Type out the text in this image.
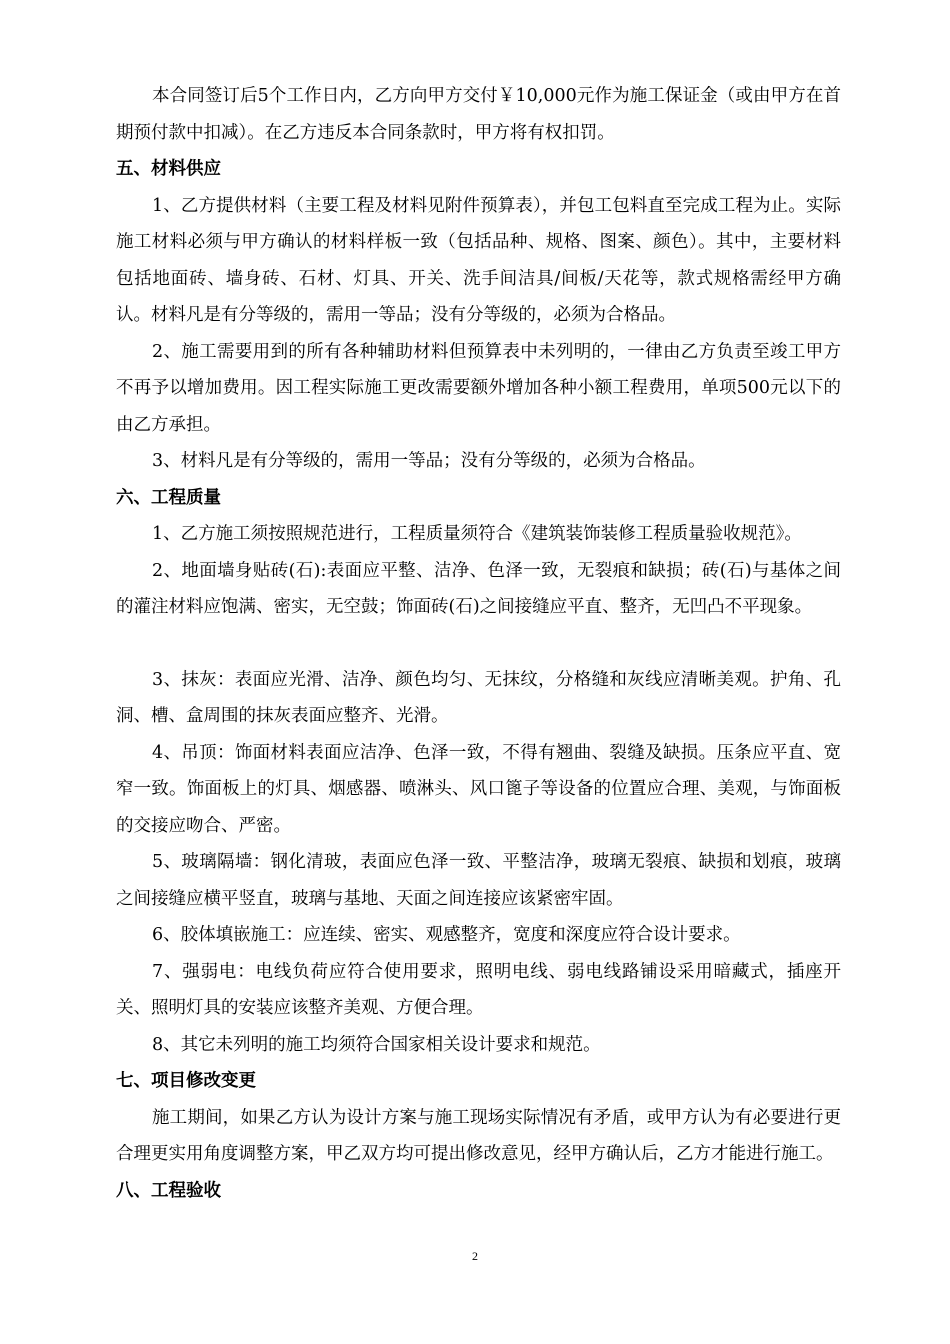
本合同签订后5个工作日内，乙方向甲方交付￥10,000元作为施工保证金（或由甲方在首期预付款中扣减）。在乙方违反本合同条款时，甲方将有权扣罚。

五、材料供应

1、乙方提供材料（主要工程及材料见附件预算表），并包工包料直至完成工程为止。实际施工材料必须与甲方确认的材料样板一致（包括品种、规格、图案、颜色）。其中，主要材料包括地面砖、墙身砖、石材、灯具、开关、洗手间洁具/间板/天花等，款式规格需经甲方确认。材料凡是有分等级的，需用一等品；没有分等级的，必须为合格品。

2、施工需要用到的所有各种辅助材料但预算表中未列明的，一律由乙方负责至竣工甲方不再予以增加费用。因工程实际施工更改需要额外增加各种小额工程费用，单项500元以下的由乙方承担。

3、材料凡是有分等级的，需用一等品；没有分等级的，必须为合格品。

六、工程质量

1、乙方施工须按照规范进行，工程质量须符合《建筑装饰装修工程质量验收规范》。

2、地面墙身贴砖(石):表面应平整、洁净、色泽一致，无裂痕和缺损；砖(石)与基体之间的灌注材料应饱满、密实，无空鼓；饰面砖(石)之间接缝应平直、整齐，无凹凸不平现象。

3、抹灰：表面应光滑、洁净、颜色均匀、无抹纹，分格缝和灰线应清晰美观。护角、孔洞、槽、盒周围的抹灰表面应整齐、光滑。

4、吊顶：饰面材料表面应洁净、色泽一致，不得有翘曲、裂缝及缺损。压条应平直、宽窄一致。饰面板上的灯具、烟感器、喷淋头、风口篦子等设备的位置应合理、美观，与饰面板的交接应吻合、严密。

5、玻璃隔墙：钢化清玻，表面应色泽一致、平整洁净，玻璃无裂痕、缺损和划痕，玻璃之间接缝应横平竖直，玻璃与基地、天面之间连接应该紧密牢固。

6、胶体填嵌施工：应连续、密实、观感整齐，宽度和深度应符合设计要求。

7、强弱电：电线负荷应符合使用要求，照明电线、弱电线路铺设采用暗藏式，插座开关、照明灯具的安装应该整齐美观、方便合理。

8、其它未列明的施工均须符合国家相关设计要求和规范。

七、项目修改变更

施工期间，如果乙方认为设计方案与施工现场实际情况有矛盾，或甲方认为有必要进行更合理更实用角度调整方案，甲乙双方均可提出修改意见，经甲方确认后，乙方才能进行施工。

八、工程验收

2
